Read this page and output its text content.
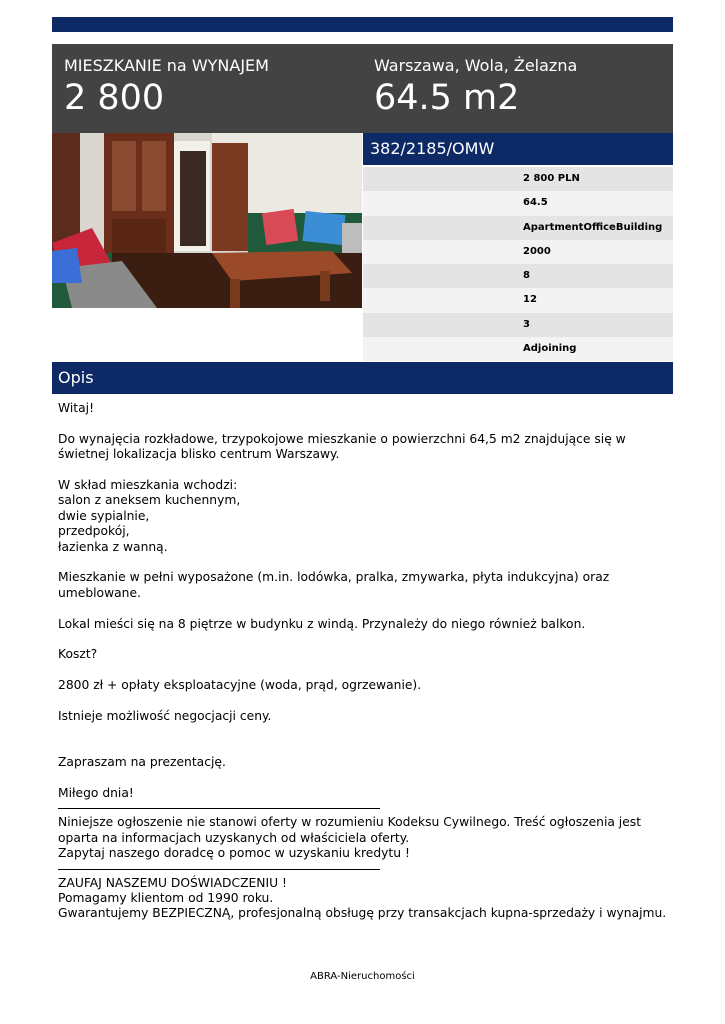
MIESZKANIE na WYNAJEM
2 800
Warszawa, Wola, Żelazna
64.5 m2
382/2185/OMW
2 800 PLN
64.5
ApartmentOfficeBuilding
2000
8
12
3
Adjoining
Opis

Witaj!

Do wynajęcia rozkładowe, trzypokojowe mieszkanie o powierzchni 64,5 m2 znajdujące się w

świetnej lokalizacja blisko centrum Warszawy.

W skład mieszkania wchodzi:

salon z aneksem kuchennym,

dwie sypialnie,

przedpokój,

łazienka z wanną.

Mieszkanie w pełni wyposażone (m.in. lodówka, pralka, zmywarka, płyta indukcyjna) oraz

umeblowane.

Lokal mieści się na 8 piętrze w budynku z windą. Przynależy do niego również balkon.

Koszt?

2800 zł + opłaty eksploatacyjne (woda, prąd, ogrzewanie).

Istnieje możliwość negocjacji ceny.

Zapraszam na prezentację.

Miłego dnia!

Niniejsze ogłoszenie nie stanowi oferty w rozumieniu Kodeksu Cywilnego. Treść ogłoszenia jest

oparta na informacjach uzyskanych od właściciela oferty.

Zapytaj naszego doradcę o pomoc w uzyskaniu kredytu !

ZAUFAJ NASZEMU DOŚWIADCZENIU !

Pomagamy klientom od 1990 roku.

Gwarantujemy BEZPIECZNĄ, profesjonalną obsługę przy transakcjach kupna-sprzedaży i wynajmu.

ABRA-Nieruchomości
